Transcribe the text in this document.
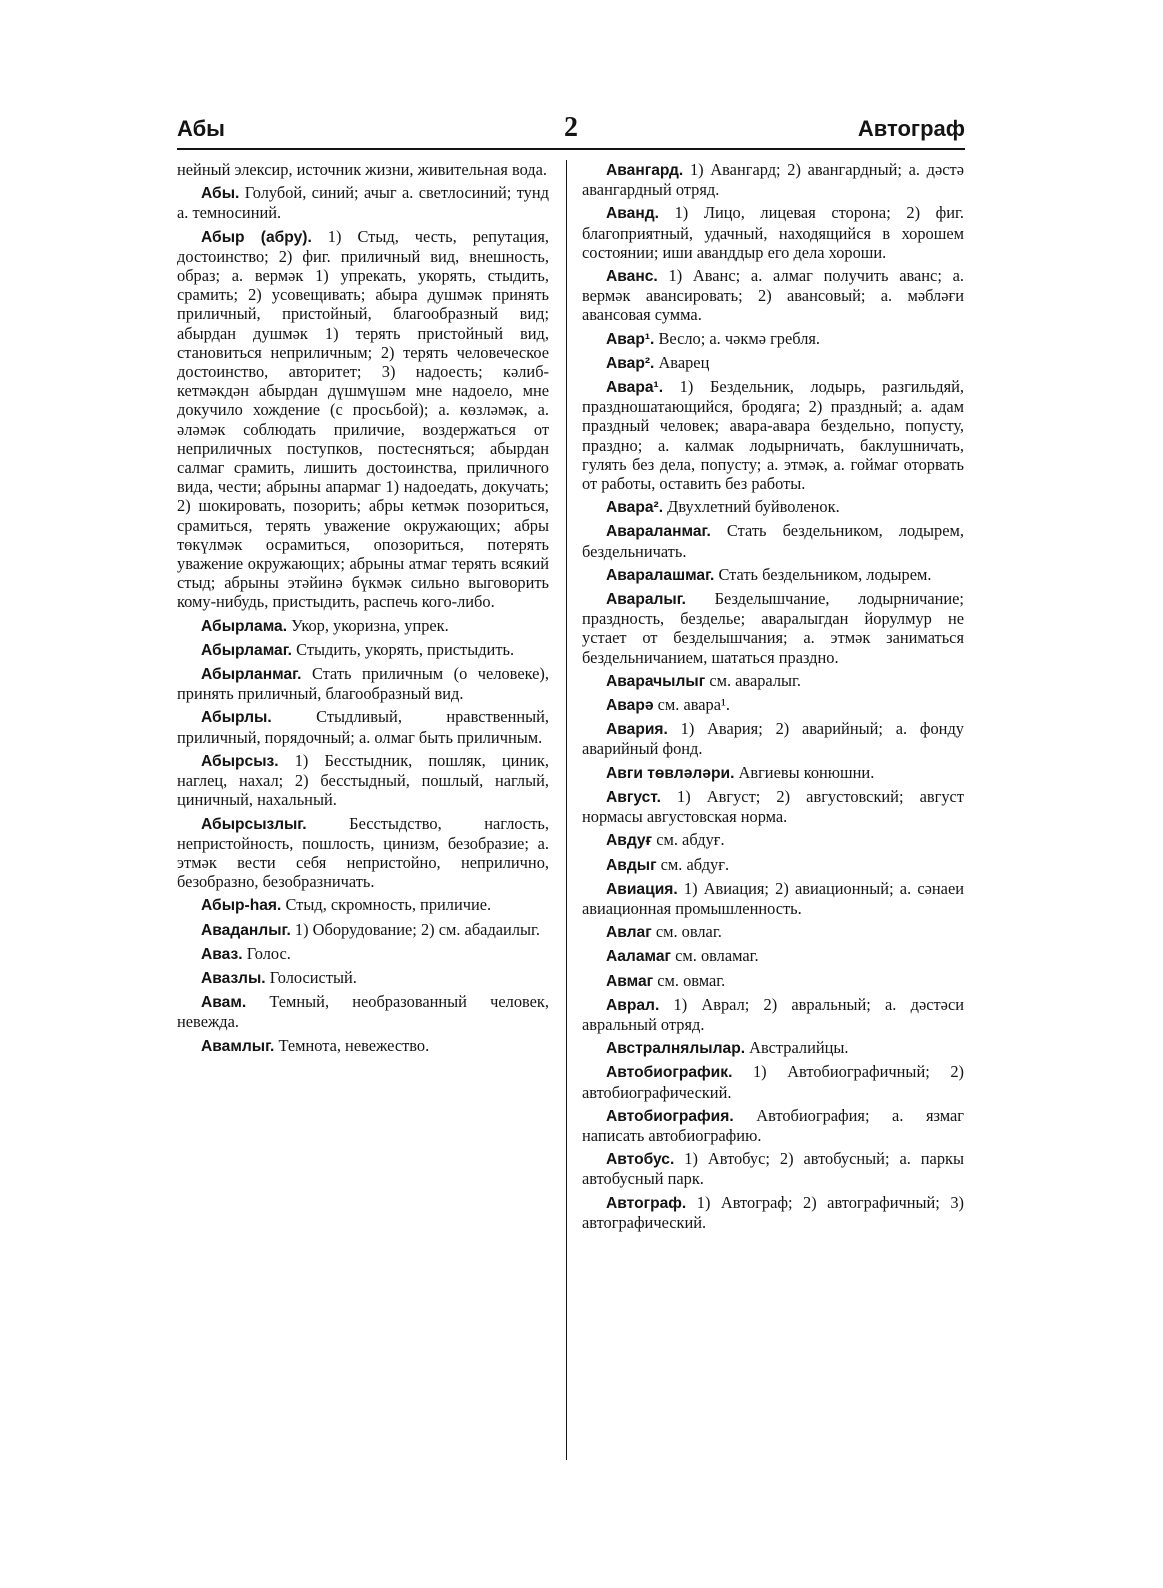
Абы	2	Автограф

нейный элексир, источник жизни, живительная вода.

Абы. Голубой, синий; ачыг а. светлосиний; тунд а. темносиний.

Абыр (абру). 1) Стыд, честь, репутация, достоинство; 2) фиг. приличный вид, внешность, образ; а. вермәк 1) упрекать, укорять, стыдить, срамить; 2) усовещивать; абыра душмәк принять приличный, пристойный, благообразный вид; абырдан душмәк 1) терять пристойный вид, становиться неприличным; 2) терять человеческое достоинство, авторитет; 3) надоесть; кәлиб-кетмәкдән абырдан дүшмүшәм мне надоело, мне докучило хождение (с просьбой); а. көзләмәк, а. әләмәк соблюдать приличие, воздержаться от неприличных поступков, постесняться; абырдан салмаг срамить, лишить достоинства, приличного вида, чести; абрыны апармаг 1) надоедать, докучать; 2) шокировать, позорить; абры кетмәк позориться, срамиться, терять уважение окружающих; абры төкүлмәк осрамиться, опозориться, потерять уважение окружающих; абрыны атмаг терять всякий стыд; абрыны этәйинә бүкмәк сильно выговорить кому-нибудь, пристыдить, распечь кого-либо.

Абырлама. Укор, укоризна, упрек.

Абырламаг. Стыдить, укорять, пристыдить.

Абырланмаг. Стать приличным (о человеке), принять приличный, благообразный вид.

Абырлы. Стыдливый, нравственный, приличный, порядочный; а. олмаг быть приличным.

Абырсыз. 1) Бесстыдник, пошляк, циник, наглец, нахал; 2) бесстыдный, пошлый, наглый, циничный, нахальный.

Абырсызлыг. Бесстыдство, наглость, непристойность, пошлость, цинизм, безобразие; а. этмәк вести себя непристойно, неприлично, безобразно, безобразничать.

Абыр-һая. Стыд, скромность, приличие.

Аваданлыг. 1) Оборудование; 2) см. абадаилыг.

Аваз. Голос.

Авазлы. Голосистый.

Авам. Темный, необразованный человек, невежда.

Авамлыг. Темнота, невежество.

Авангард. 1) Авангард; 2) авангардный; а. дәстә авангардный отряд.

Аванд. 1) Лицо, лицевая сторона; 2) фиг. благоприятный, удачный, находящийся в хорошем состоянии; иши аванддыр его дела хороши.

Аванс. 1) Аванс; а. алмаг получить аванс; а. вермәк авансировать; 2) авансовый; а. мәбләғи авансовая сумма.

Авар¹. Весло; а. чәкмә гребля.

Авар². Аварец

Авара¹. 1) Бездельник, лодырь, разгильдяй, праздношатающийся, бродяга; 2) праздный; а. адам праздный человек; авара-авара бездельно, попусту, праздно; а. калмак лодырничать, баклушничать, гулять без дела, попусту; а. этмәк, а. гоймаг оторвать от работы, оставить без работы.

Авара². Двухлетний буйволенок.

Аваралaнмаг. Стать бездельником, лодырем, бездельничать.

Аваралашмаг. Стать бездельником, лодырем.

Аваралыг. Безделышчание, лодырничание; праздность, безделье; аваралыгдан йорулмур не устает от безделышчания; а. этмәк заниматься бездельничанием, шататься праздно.

Аварачылыг см. аваралыг.

Аварә см. авара¹.

Авария. 1) Авария; 2) аварийный; а. фонду аварийный фонд.

Авги төвләләри. Авгиевы конюшни.

Август. 1) Август; 2) августовский; август нормасы августовская норма.

Авдуғ см. абдуғ.

Авдыг см. абдуғ.

Авиация. 1) Авиация; 2) авиационный; а. сәнаеи авиационная промышленность.

Авлаг см. овлаг.

Аaламаг см. овламаг.

Авмаг см. овмаг.

Аврал. 1) Аврал; 2) авральный; а. дәстәси авральный отряд.

Австралнялылар. Австралийцы.

Автобиографик. 1) Автобиографичный; 2) автобиографический.

Автобиография. Автобиография; а. язмаг написать автобиографию.

Автобус. 1) Автобус; 2) автобусный; а. паркы автобусный парк.

Автограф. 1) Автограф; 2) автографичный; 3) автографический.
